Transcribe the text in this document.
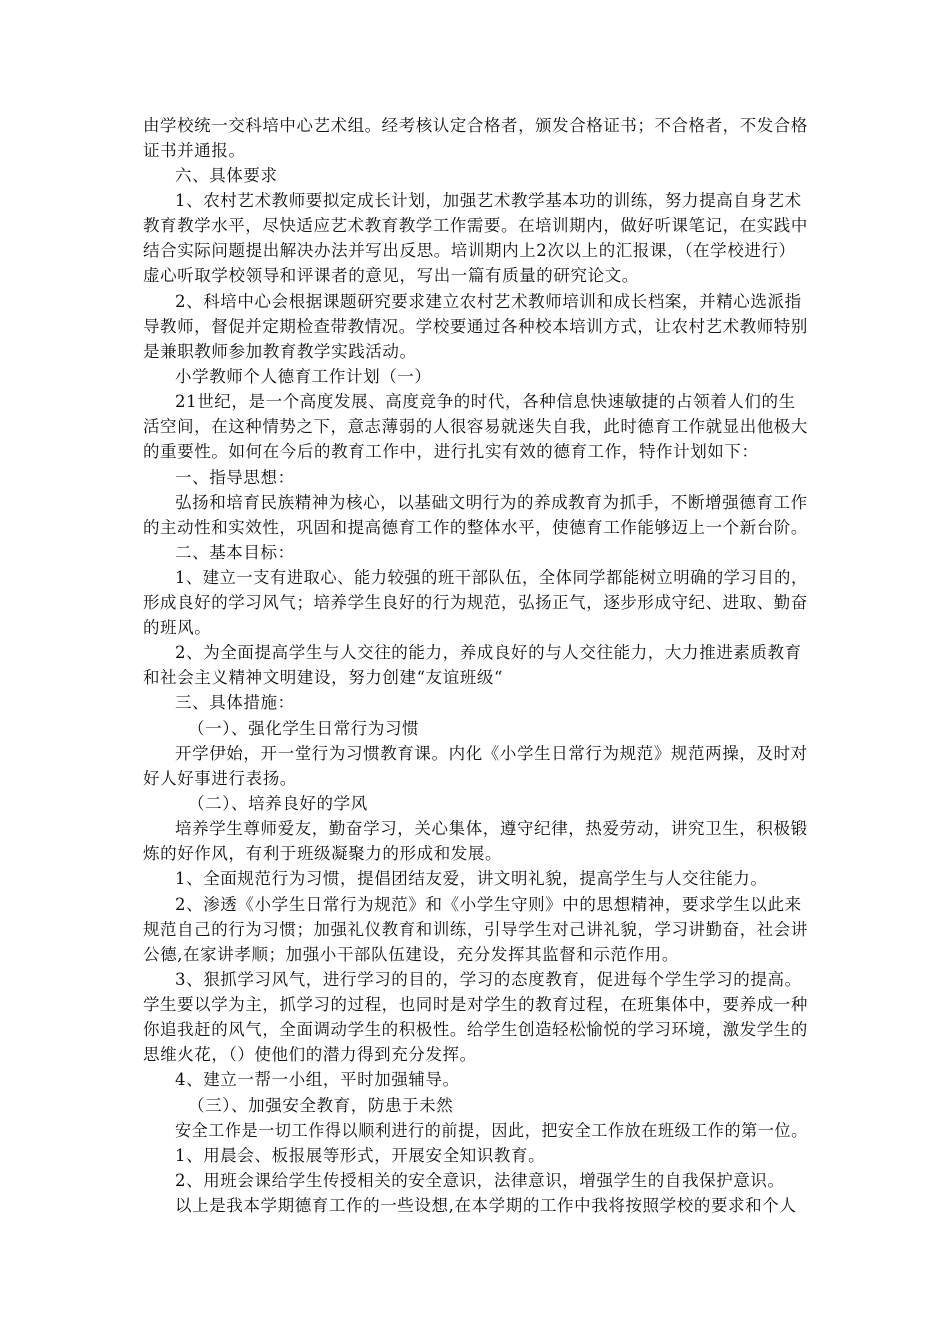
由学校统一交科培中心艺术组。经考核认定合格者，颁发合格证书；不合格者，不发合格
证书并通报。
六、具体要求
1、农村艺术教师要拟定成长计划，加强艺术教学基本功的训练，努力提高自身艺术
教育教学水平，尽快适应艺术教育教学工作需要。在培训期内，做好听课笔记，在实践中
结合实际问题提出解决办法并写出反思。培训期内上2次以上的汇报课，（在学校进行）
虚心听取学校领导和评课者的意见，写出一篇有质量的研究论文。
2、科培中心会根据课题研究要求建立农村艺术教师培训和成长档案，并精心选派指
导教师，督促并定期检查带教情况。学校要通过各种校本培训方式，让农村艺术教师特别
是兼职教师参加教育教学实践活动。
小学教师个人德育工作计划（一）
21世纪，是一个高度发展、高度竞争的时代，各种信息快速敏捷的占领着人们的生
活空间，在这种情势之下，意志薄弱的人很容易就迷失自我，此时德育工作就显出他极大
的重要性。如何在今后的教育工作中，进行扎实有效的德育工作，特作计划如下：
一、指导思想：
弘扬和培育民族精神为核心，以基础文明行为的养成教育为抓手，不断增强德育工作
的主动性和实效性，巩固和提高德育工作的整体水平，使德育工作能够迈上一个新台阶。
二、基本目标：
1、建立一支有进取心、能力较强的班干部队伍，全体同学都能树立明确的学习目的，
形成良好的学习风气；培养学生良好的行为规范，弘扬正气，逐步形成守纪、进取、勤奋
的班风。
2、为全面提高学生与人交往的能力，养成良好的与人交往能力，大力推进素质教育
和社会主义精神文明建设，努力创建“友谊班级“
三、具体措施：
（一）、强化学生日常行为习惯
开学伊始，开一堂行为习惯教育课。内化《小学生日常行为规范》规范两操，及时对
好人好事进行表扬。
（二）、培养良好的学风
培养学生尊师爱友，勤奋学习，关心集体，遵守纪律，热爱劳动，讲究卫生，积极锻
炼的好作风，有利于班级凝聚力的形成和发展。
1、全面规范行为习惯，提倡团结友爱，讲文明礼貌，提高学生与人交往能力。
2、渗透《小学生日常行为规范》和《小学生守则》中的思想精神，要求学生以此来
规范自己的行为习惯；加强礼仪教育和训练，引导学生对己讲礼貌，学习讲勤奋，社会讲
公德,在家讲孝顺；加强小干部队伍建设，充分发挥其监督和示范作用。
3、狠抓学习风气，进行学习的目的，学习的态度教育，促进每个学生学习的提高。
学生要以学为主，抓学习的过程，也同时是对学生的教育过程，在班集体中，要养成一种
你追我赶的风气，全面调动学生的积极性。给学生创造轻松愉悦的学习环境，激发学生的
思维火花，（）使他们的潜力得到充分发挥。
4、建立一帮一小组，平时加强辅导。
（三）、加强安全教育，防患于未然
安全工作是一切工作得以顺利进行的前提，因此，把安全工作放在班级工作的第一位。
1、用晨会、板报展等形式，开展安全知识教育。
2、用班会课给学生传授相关的安全意识，法律意识，增强学生的自我保护意识。
以上是我本学期德育工作的一些设想,在本学期的工作中我将按照学校的要求和个人
